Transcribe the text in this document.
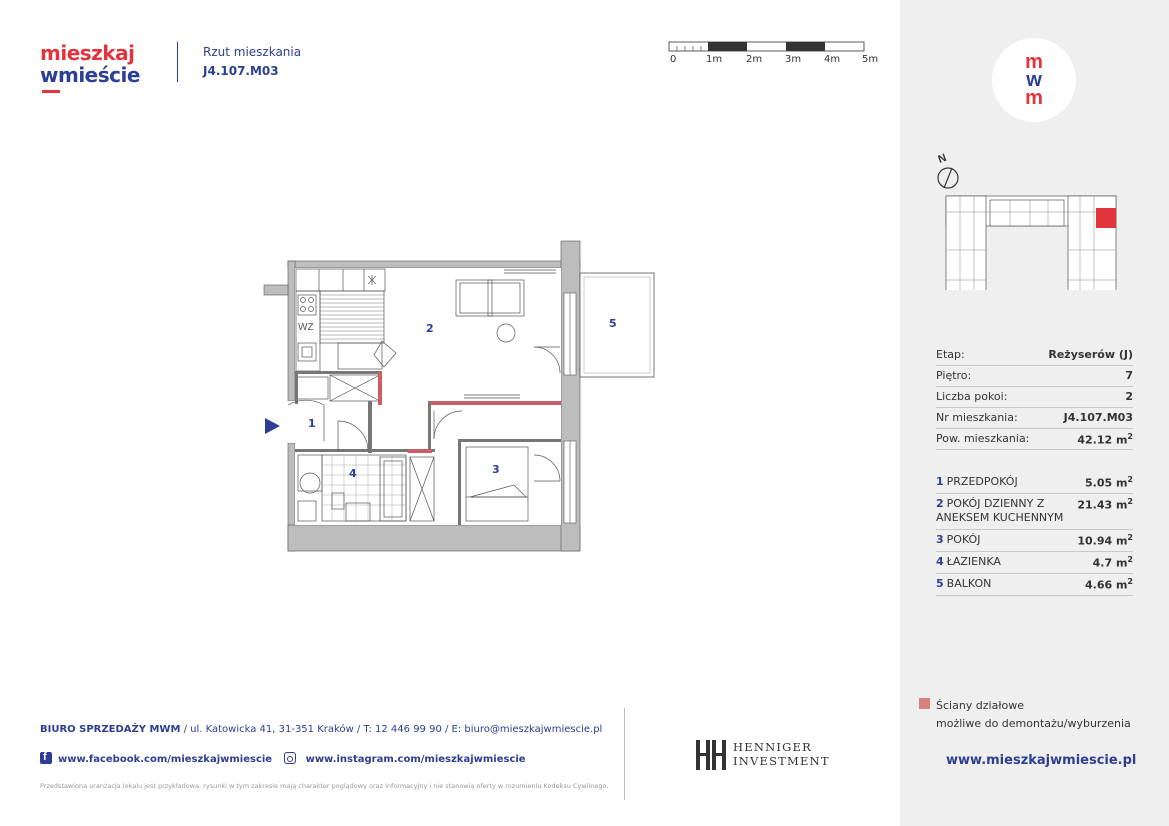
mieszkaj
wmieście
Rzut mieszkania
J4.107.M03
0	1m 2m 3m 4m 5m
1
2
3
4
5
WZ
m
w
m
N
Etap:	Reżyserów (J)
Piętro:	7
Liczba pokoi:	2
Nr mieszkania:	J4.107.M03
Pow. mieszkania:	42.12 $m^2$
1 PRZEDPOKÓJ	5.05 $m^2$
2 POKÓJ DZIENNY Z ANEKSEM KUCHENNYM
21.43 $m^2$
3 POKÓJ	10.94 $m^2$
4 ŁAZIENKA	4.7 $m^2$
5 BALKON	4.66 $m^2$
Ściany działowe
możliwe do demontażu/wyburzenia
www.mieszkajwmiescie.pl
BIURO SPRZEDAŻY MWM / ul. Katowicka 41, 31-351 Kraków / T: 12 446 99 90 / E: biuro@mieszkajwmiescie.pl
fwww.facebook.com/mieszkajwmiescie	www.instagram.com/mieszkajwmiescie
Przedstawiona aranżacja lokalu jest przykładowa, rysunki w tym zakresie mają charakter poglądowy oraz informacyjny i nie stanowią oferty w rozumieniu Kodeksu Cywilnego.
HENNIGER
INVESTMENT
